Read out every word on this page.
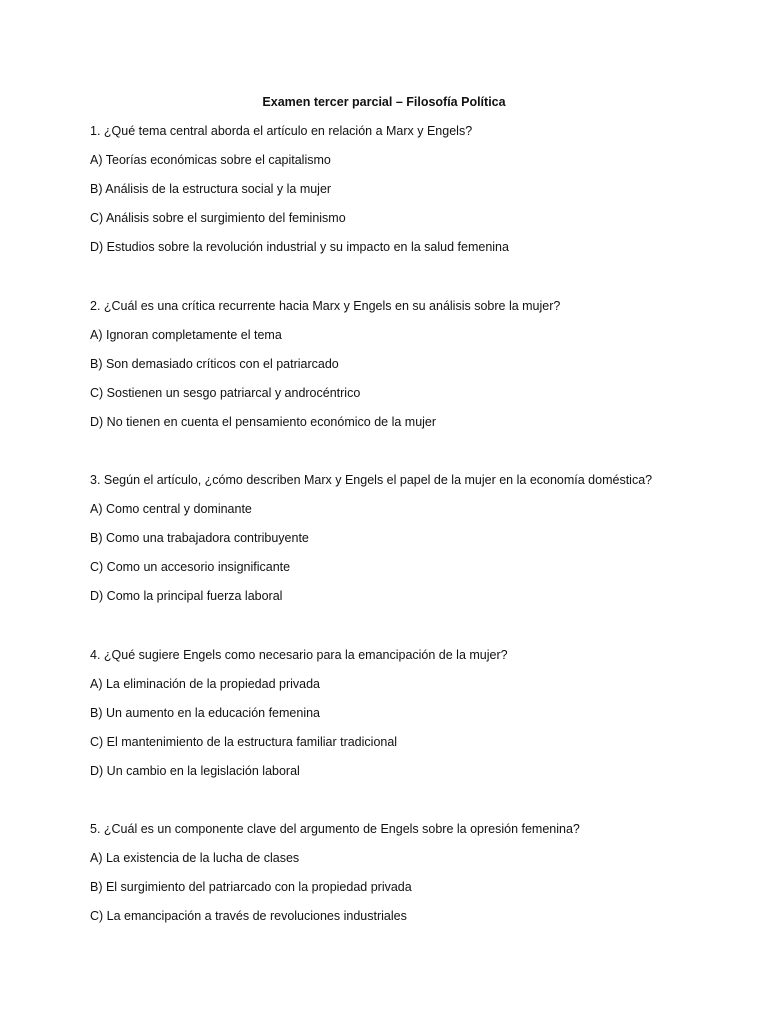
Examen tercer parcial – Filosofía Política
1. ¿Qué tema central aborda el artículo en relación a Marx y Engels?
A) Teorías económicas sobre el capitalismo
B) Análisis de la estructura social y la mujer
C) Análisis sobre el surgimiento del feminismo
D) Estudios sobre la revolución industrial y su impacto en la salud femenina
2. ¿Cuál es una crítica recurrente hacia Marx y Engels en su análisis sobre la mujer?
A) Ignoran completamente el tema
B) Son demasiado críticos con el patriarcado
C) Sostienen un sesgo patriarcal y androcéntrico
D) No tienen en cuenta el pensamiento económico de la mujer
3. Según el artículo, ¿cómo describen Marx y Engels el papel de la mujer en la economía doméstica?
A) Como central y dominante
B) Como una trabajadora contribuyente
C) Como un accesorio insignificante
D) Como la principal fuerza laboral
4. ¿Qué sugiere Engels como necesario para la emancipación de la mujer?
A) La eliminación de la propiedad privada
B) Un aumento en la educación femenina
C) El mantenimiento de la estructura familiar tradicional
D) Un cambio en la legislación laboral
5. ¿Cuál es un componente clave del argumento de Engels sobre la opresión femenina?
A) La existencia de la lucha de clases
B) El surgimiento del patriarcado con la propiedad privada
C) La emancipación a través de revoluciones industriales
